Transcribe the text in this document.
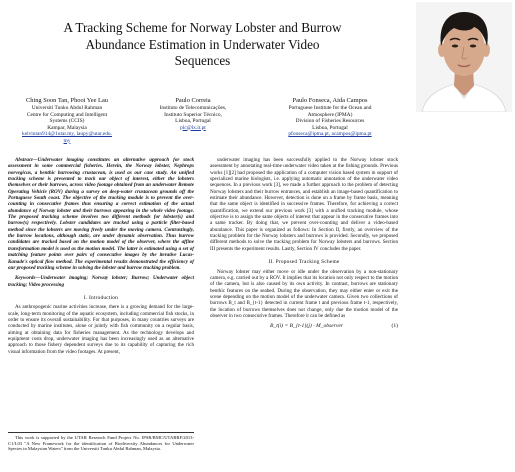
A Tracking Scheme for Norway Lobster and Burrow
Abundance Estimation in Underwater Video
Sequences
Ching Soon Tan, Phooi Yee Lau
Universiti Tunku Abdul Rahman
Centre for Computing and Intelligent
Systems (CCIS)
Kampar, Malaysia
kelvintan914@1utar.my, laupy@utar.edu.
my
Paulo Correia
Instituto de Telecomunicações,
Instituto Superior Técnico,
Lisboa, Portugal
plc@lx.it.pt
Paulo Fonseca, Aida Campos
Portuguese Institute for the Ocean and
Atmosphere (IPMA)
Division of Fisheries Resources
Lisboa, Portugal
pfonseca@ipma.pt, acampos@ipma.pt

Abstract—Underwater imaging constitutes an alternative approach for stock assessment in some commercial fisheries. Herein, the Norway lobster, Nephrops norvegicus, a benthic burrowing crustacean, is used as our case study. An unified tracking scheme is presented to track our object of interest, either the lobsters themselves or their burrows, across video footage obtained from an underwater Remote Operating Vehicle (ROV) during a survey on deep-water crustacean grounds off the Portuguese South coast. The objective of the tracking module is to prevent the over-counting in consecutive frames thus ensuring a correct estimation of the actual abundance of Norway lobster and their burrows appearing in the whole video footage. The proposed tracking scheme involves two different methods for lobster(s) and burrow(s) respectively. Lobster candidates are tracked using a particle filter-based method since the lobsters are moving freely under the moving camera. Contrastingly, the burrow locations, although static, are under dynamic observation. Thus burrow candidates are tracked based on the motion model of the observer, where the affine transformation model is used as the motion model. The latter is estimated using a set of matching feature points over pairs of consecutive images by the iterative Lucas-Kanade's optical flow method. The experimental results demonstrated the efficiency of our proposed tracking scheme in solving the lobster and burrow tracking problem.

Keywords—Underwater imaging; Norway lobster; Burrow; Underwater object tracking; Video processing

I. Introduction

As anthropogenic marine activities increase, there is a growing demand for the large-scale, long-term monitoring of the aquatic ecosystem, including commercial fish stocks, in order to ensure its overall sustainability. For that purposes, in many countries surveys are conducted by marine institutes, alone or jointly with fish community on a regular basis, aiming at obtaining data for fisheries management. As the technology develops and equipment costs drop, underwater imaging has been increasingly used as an alternative approach to those fishery dependent surveys due to its capability of capturing the rich visual information from the video footages. At present,

This work is supported by the UTAR Research Fund Project No. IPSR/RMC/UTARRF/2013-C1/L03 "A New Framework for the identification of Biodiversity Abundances for Underwater Species in Malaysian Waters" from the Universiti Tunku Abdul Rahman, Malaysia.

underwater imaging has been successfully applied to the Norway lobster stock assessment by annotating real-time underwater video taken at the fishing grounds. Previous works [1][2] had proposed the application of a computer vision based system in support of specialized marine biologists, i.e. applying automatic annotation of the underwater video sequences. In a previous work [3], we made a further approach to the problem of detecting Norway lobsters and their burrow entrances, and establish an image-based quantification to estimate their abundance. However, detection is done on a frame by frame basis, meaning that the same object is identified in successive frames. Therefore, for achieving a correct quantification, we extend our previous work [3] with a unified tracking module, whose objective is to assign the same objects of interest that appear in the consecutive frames into a same tracker. By doing that, we prevent over-counting and deliver a video-based abundance. This paper is organized as follows: In Section II, firstly, an overview of the tracking problem for the Norway lobsters and burrows is provided. Secondly, we proposed different methods to solve the tracking problem for Norway lobsters and burrows. Section III presents the experiment results. Lastly, Section IV concludes the paper.

II. Proposed Tracking Scheme

Norway lobster may either move or idle under the observation by a non-stationary camera, e.g. carried out by a ROV. It implies that its location not only respect to the motion of the camera, but is also caused by its own activity. In contrast, burrows are stationary benthic features on the seabed. During the observation, they may either enter or exit the scene depending on the motion model of the underwater camera. Given two collections of burrows B_t and B_{t-1} detected in current frame t and previous frame t-1, respectively, the location of burrows themselves does not change, only due the motion model of the observer in two consecutive frames. Therefore it can be defined as

B_t(i) = B_{t-1}(j) · M_observer	(1)
